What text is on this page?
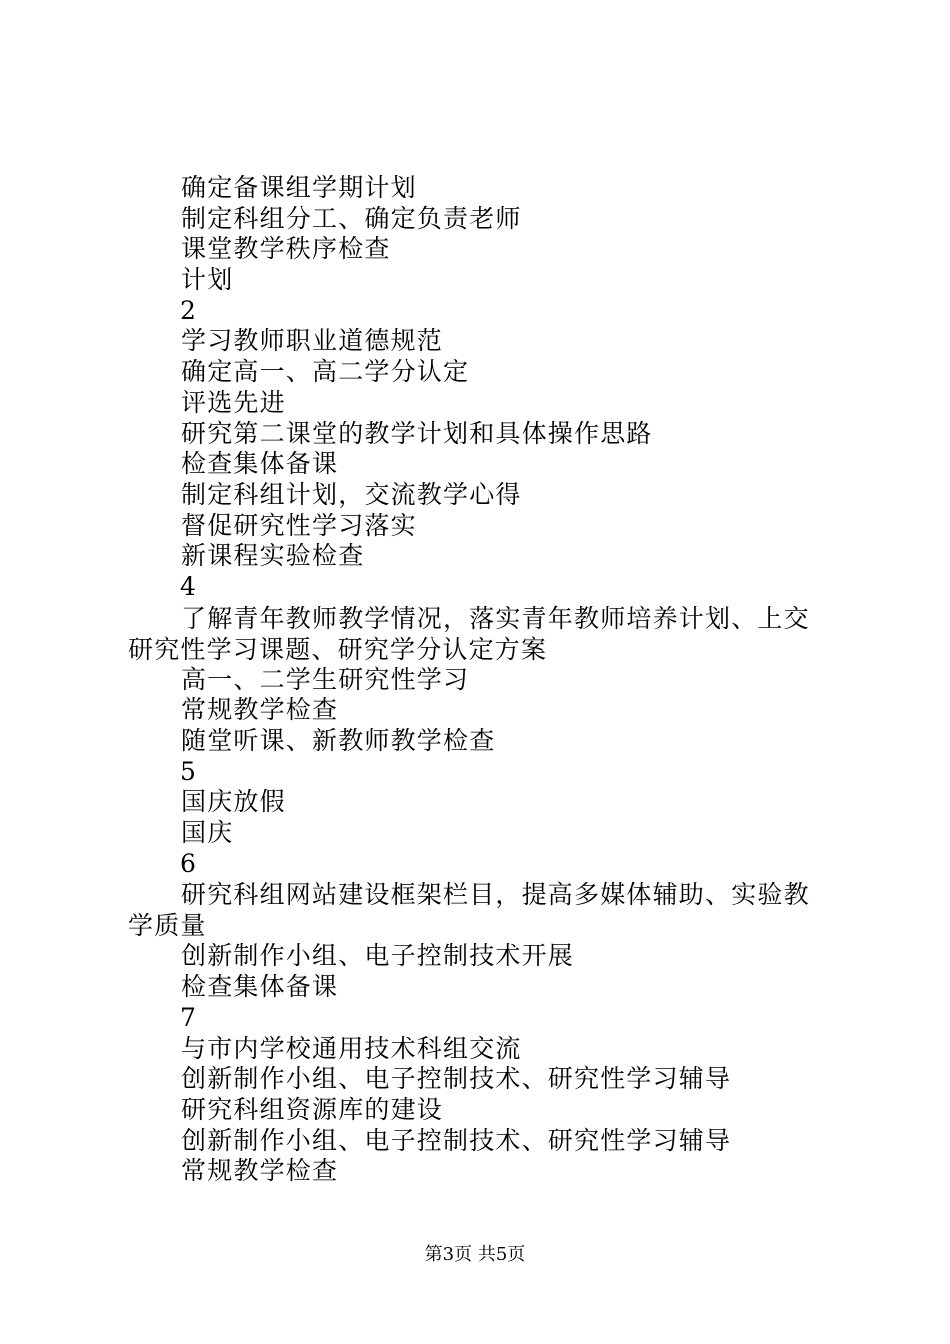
确定备课组学期计划
制定科组分工、确定负责老师
课堂教学秩序检查
计划
2
学习教师职业道德规范
确定高一、高二学分认定
评选先进
研究第二课堂的教学计划和具体操作思路
检查集体备课
制定科组计划，交流教学心得
督促研究性学习落实
新课程实验检查
4
了解青年教师教学情况，落实青年教师培养计划、上交研究性学习课题、研究学分认定方案
高一、二学生研究性学习
常规教学检查
随堂听课、新教师教学检查
5
国庆放假
国庆
6
研究科组网站建设框架栏目，提高多媒体辅助、实验教学质量
创新制作小组、电子控制技术开展
检查集体备课
7
与市内学校通用技术科组交流
创新制作小组、电子控制技术、研究性学习辅导
研究科组资源库的建设
创新制作小组、电子控制技术、研究性学习辅导
常规教学检查
第3页 共5页
